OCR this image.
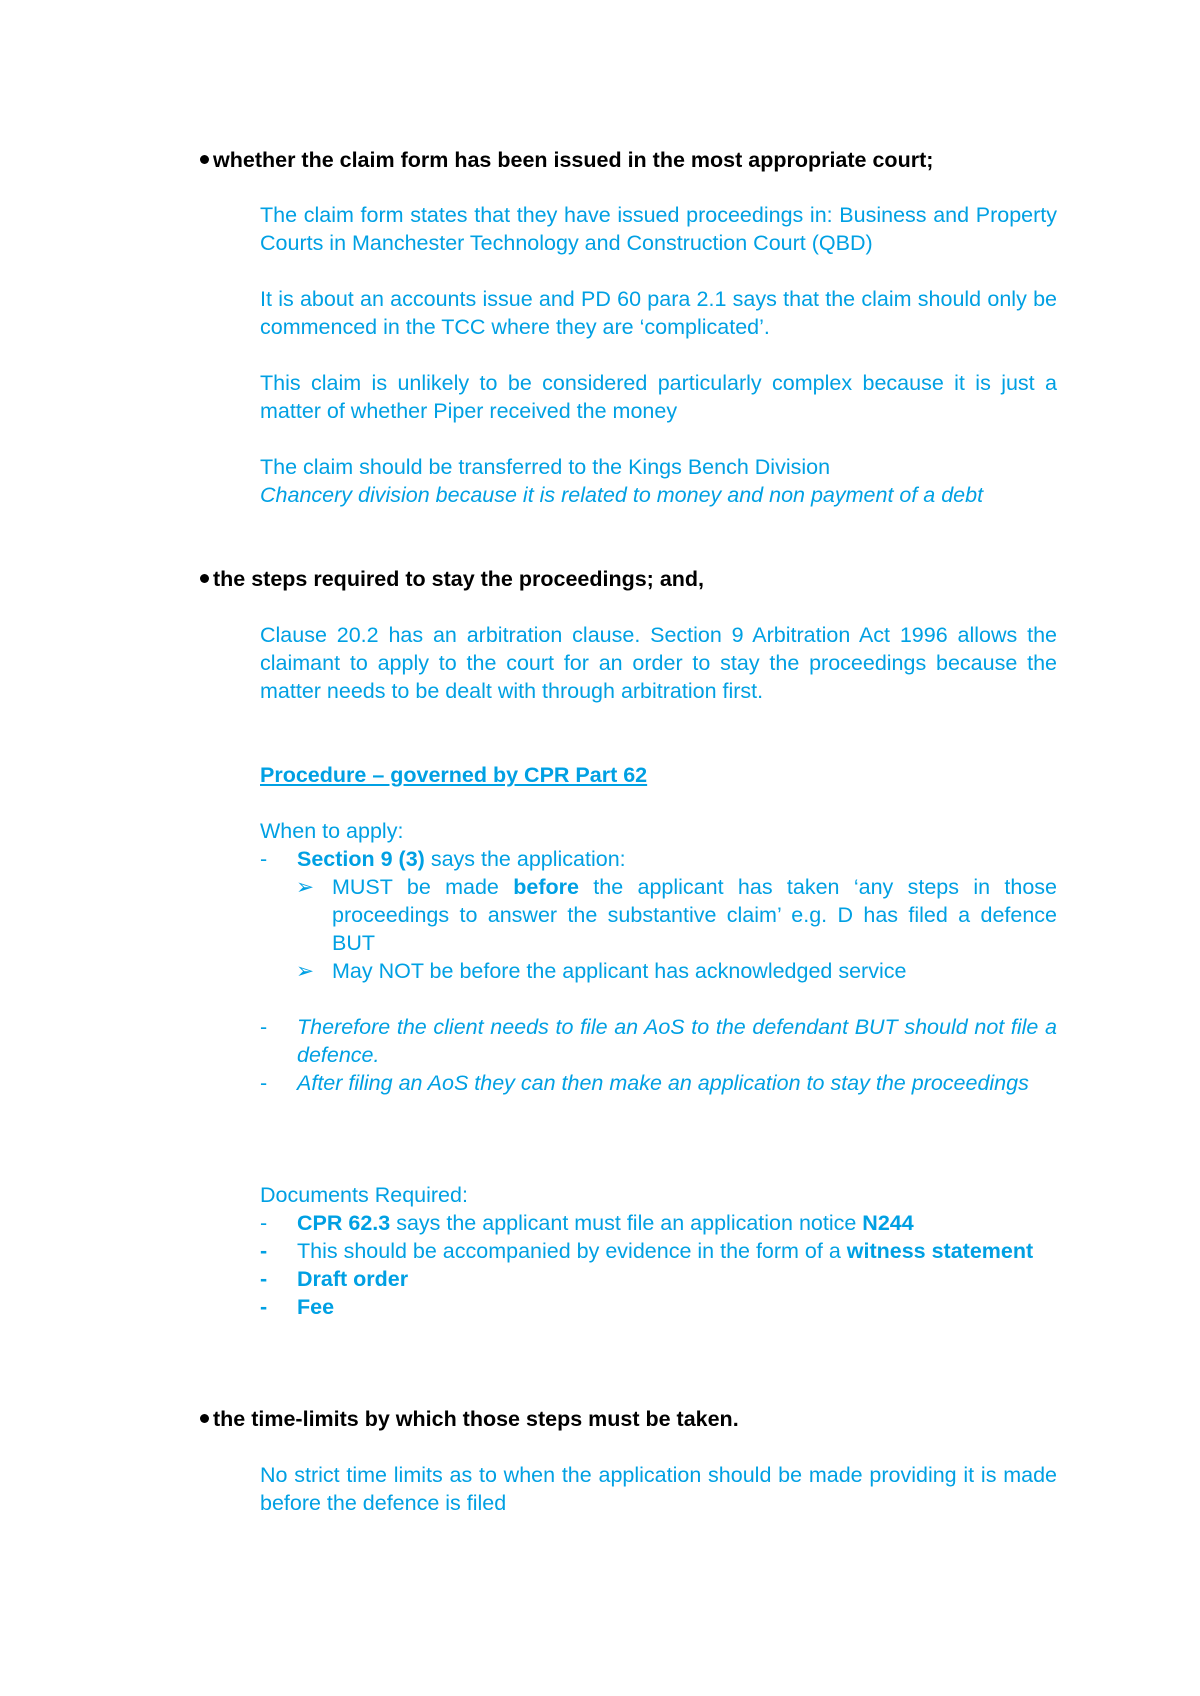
whether the claim form has been issued in the most appropriate court;
The claim form states that they have issued proceedings in: Business and Property Courts in Manchester Technology and Construction Court (QBD)
It is about an accounts issue and PD 60 para 2.1 says that the claim should only be commenced in the TCC where they are ‘complicated’.
This claim is unlikely to be considered particularly complex because it is just a matter of whether Piper received the money
The claim should be transferred to the Kings Bench Division
Chancery division because it is related to money and non payment of a debt
the steps required to stay the proceedings; and,
Clause 20.2 has an arbitration clause. Section 9 Arbitration Act 1996 allows the claimant to apply to the court for an order to stay the proceedings because the matter needs to be dealt with through arbitration first.
Procedure – governed by CPR Part 62
When to apply:
- Section 9 (3) says the application:
➢ MUST be made before the applicant has taken ‘any steps in those proceedings to answer the substantive claim’ e.g. D has filed a defence BUT
➢ May NOT be before the applicant has acknowledged service
- Therefore the client needs to file an AoS to the defendant BUT should not file a defence.
- After filing an AoS they can then make an application to stay the proceedings
Documents Required:
- CPR 62.3 says the applicant must file an application notice N244
- This should be accompanied by evidence in the form of a witness statement
- Draft order
- Fee
the time-limits by which those steps must be taken.
No strict time limits as to when the application should be made providing it is made before the defence is filed
